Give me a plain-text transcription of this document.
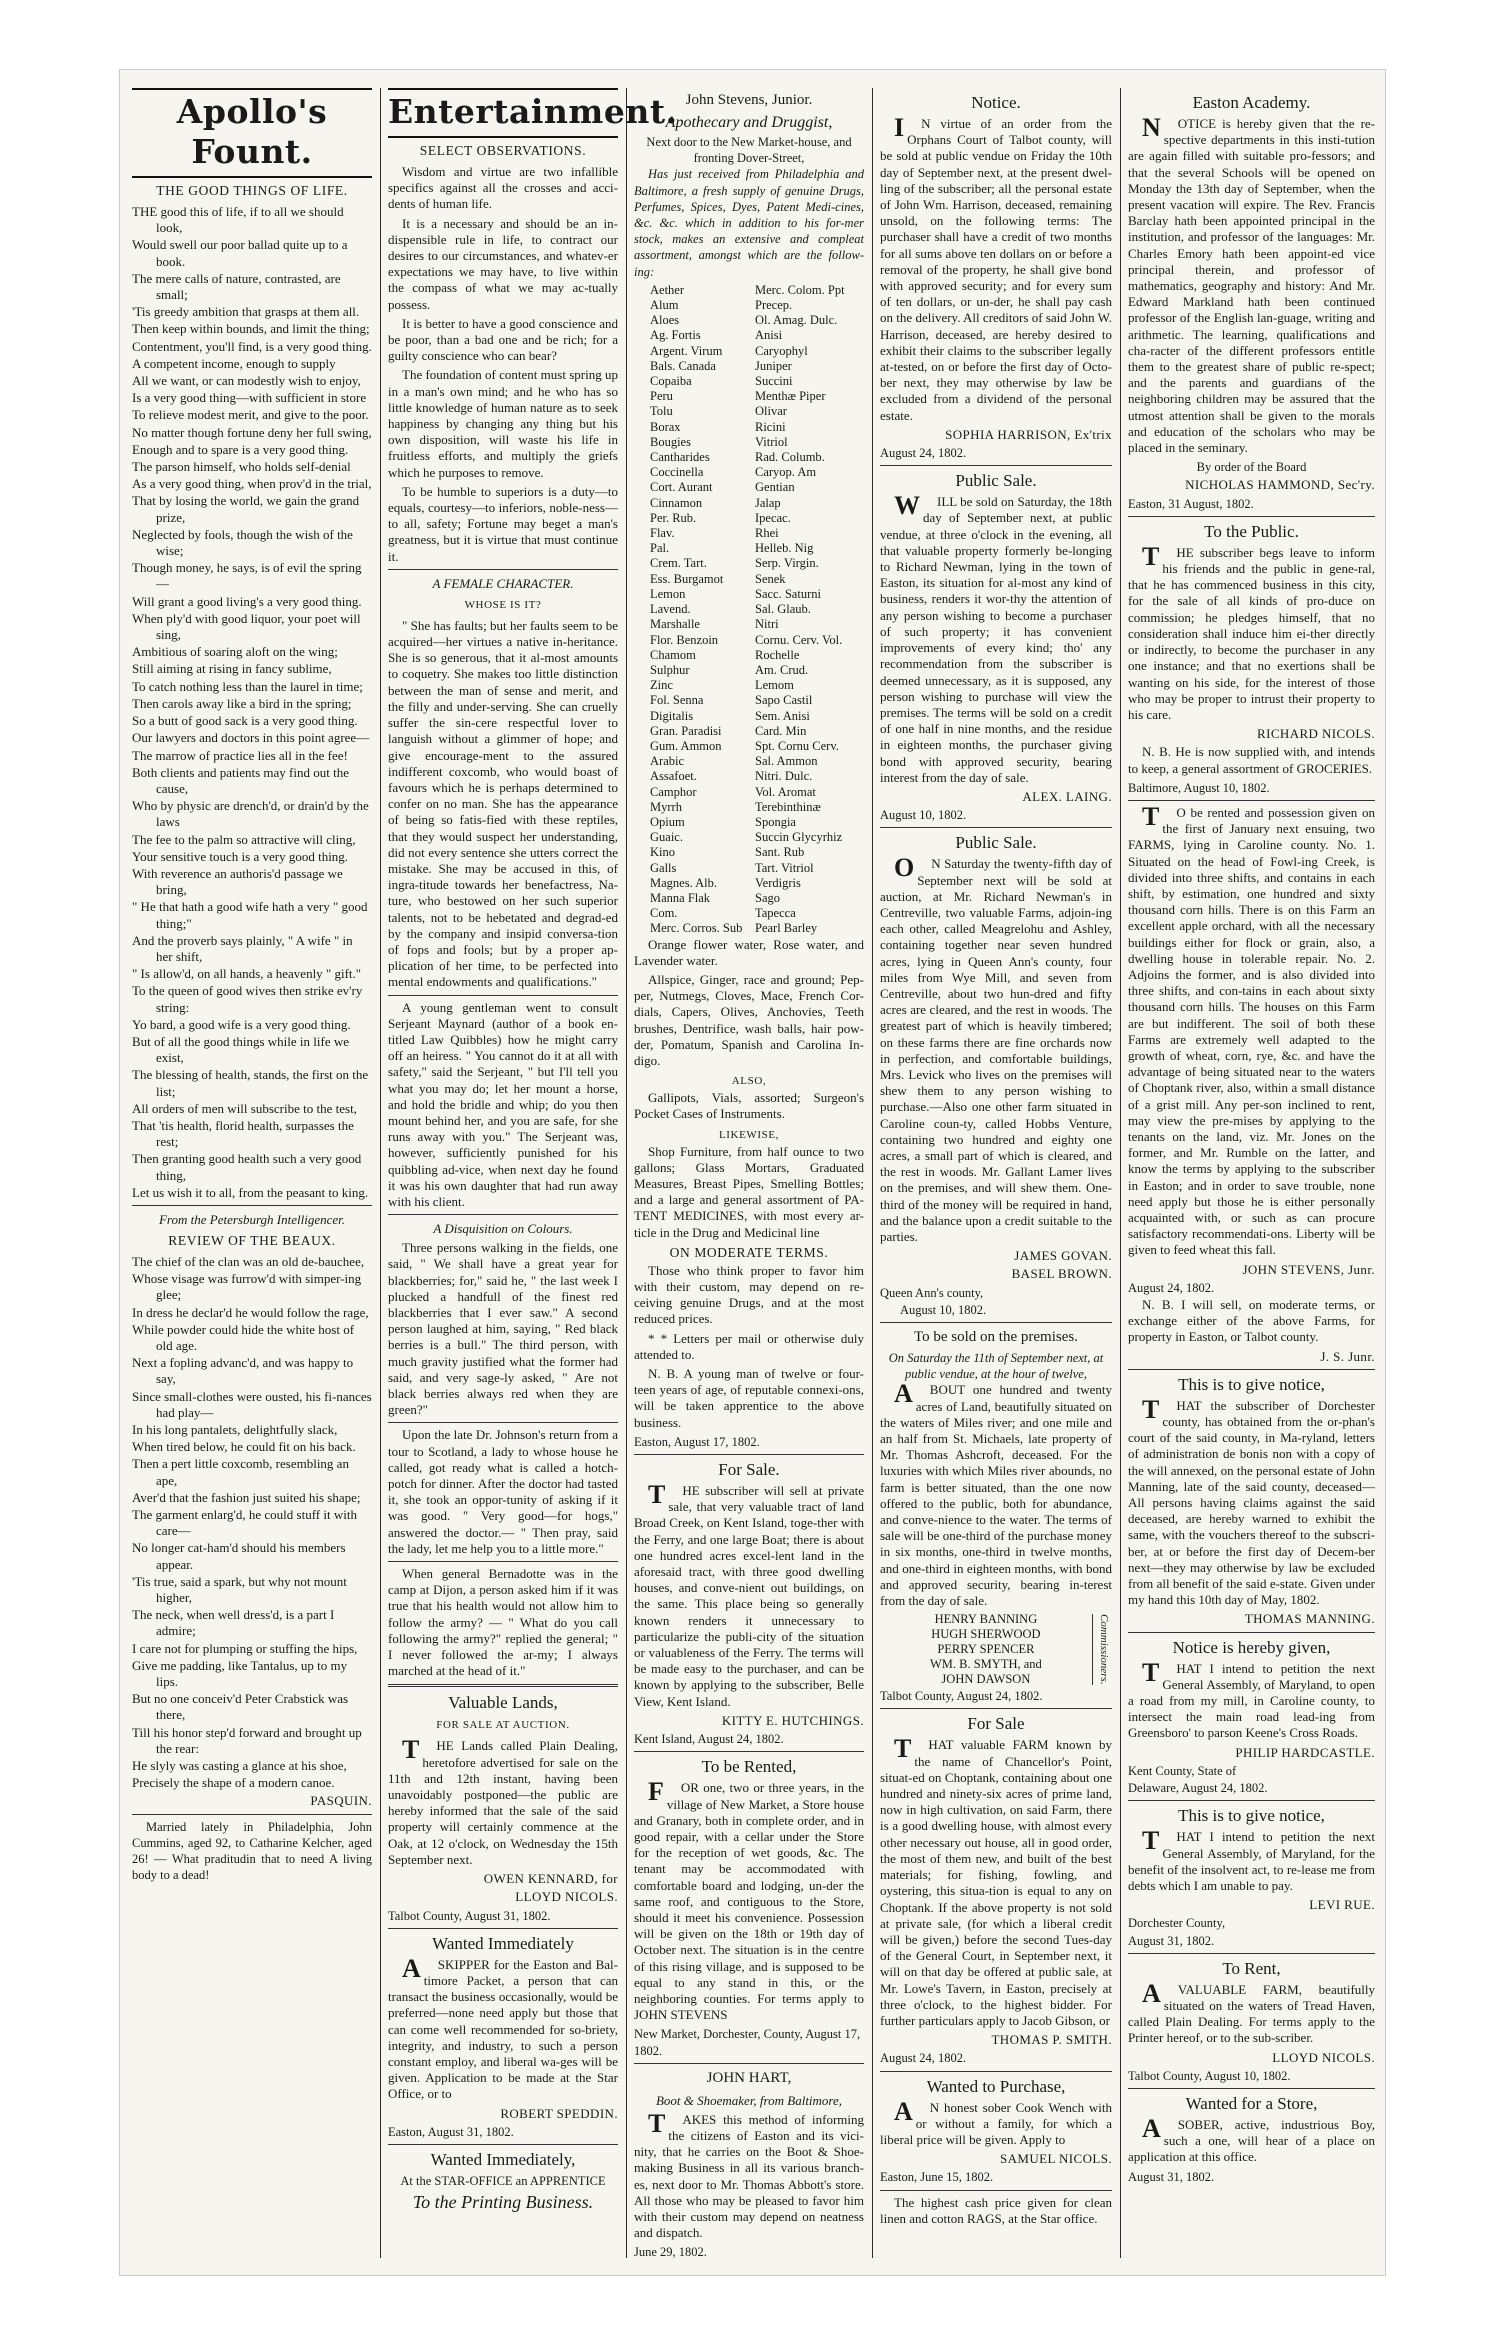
Apollo's Fount.
THE GOOD THINGS OF LIFE.

THE good this of life, if to all we should look,

Would swell our poor ballad quite up to a book.

The mere calls of nature, contrasted, are small;

'Tis greedy ambition that grasps at them all.

Then keep within bounds, and limit the thing;

Contentment, you'll find, is a very good thing.

A competent income, enough to supply

All we want, or can modestly wish to enjoy,

Is a very good thing—with sufficient in store

To relieve modest merit, and give to the poor.

No matter though fortune deny her full swing,

Enough and to spare is a very good thing.

The parson himself, who holds self-denial

As a very good thing, when prov'd in the trial,

That by losing the world, we gain the grand prize,

Neglected by fools, though the wish of the wise;

Though money, he says, is of evil the spring—

Will grant a good living's a very good thing.

When ply'd with good liquor, your poet will sing,

Ambitious of soaring aloft on the wing;

Still aiming at rising in fancy sublime,

To catch nothing less than the laurel in time;

Then carols away like a bird in the spring;

So a butt of good sack is a very good thing.

Our lawyers and doctors in this point agree—

The marrow of practice lies all in the fee!

Both clients and patients may find out the cause,

Who by physic are drench'd, or drain'd by the laws

The fee to the palm so attractive will cling,

Your sensitive touch is a very good thing.

With reverence an authoris'd passage we bring,

" He that hath a good wife hath a very " good thing;"

And the proverb says plainly, " A wife " in her shift,

" Is allow'd, on all hands, a heavenly " gift."

To the queen of good wives then strike ev'ry string:

Yo bard, a good wife is a very good thing.

But of all the good things while in life we exist,

The blessing of health, stands, the first on the list;

All orders of men will subscribe to the test,

That 'tis health, florid health, surpasses the rest;

Then granting good health such a very good thing,

Let us wish it to all, from the peasant to king.

From the Petersburgh Intelligencer.
REVIEW OF THE BEAUX.

The chief of the clan was an old de-bauchee,

Whose visage was furrow'd with simper-ing glee;

In dress he declar'd he would follow the rage,

While powder could hide the white host of old age.

Next a fopling advanc'd, and was happy to say,

Since small-clothes were ousted, his fi-nances had play—

In his long pantalets, delightfully slack,

When tired below, he could fit on his back.

Then a pert little coxcomb, resembling an ape,

Aver'd that the fashion just suited his shape;

The garment enlarg'd, he could stuff it with care—

No longer cat-ham'd should his members appear.

'Tis true, said a spark, but why not mount higher,

The neck, when well dress'd, is a part I admire;

I care not for plumping or stuffing the hips,

Give me padding, like Tantalus, up to my lips.

But no one conceiv'd Peter Crabstick was there,

Till his honor step'd forward and brought up the rear:

He slyly was casting a glance at his shoe,

Precisely the shape of a modern canoe.

PASQUIN.

Married lately in Philadelphia, John Cummins, aged 92, to Catharine Kelcher, aged 26! — What praditudin that to need A living body to a dead!

Entertainment.
SELECT OBSERVATIONS.

Wisdom and virtue are two infallible specifics against all the crosses and acci-dents of human life.

It is a necessary and should be an in-dispensible rule in life, to contract our desires to our circumstances, and whatev-er expectations we may have, to live within the compass of what we may ac-tually possess.

It is better to have a good conscience and be poor, than a bad one and be rich; for a guilty conscience who can bear?

The foundation of content must spring up in a man's own mind; and he who has so little knowledge of human nature as to seek happiness by changing any thing but his own disposition, will waste his life in fruitless efforts, and multiply the griefs which he purposes to remove.

To be humble to superiors is a duty—to equals, courtesy—to inferiors, noble-ness—to all, safety; Fortune may beget a man's greatness, but it is virtue that must continue it.

A FEMALE CHARACTER.
WHOSE IS IT?

" She has faults; but her faults seem to be acquired—her virtues a native in-heritance. She is so generous, that it al-most amounts to coquetry. She makes too little distinction between the man of sense and merit, and the filly and under-serving. She can cruelly suffer the sin-cere respectful lover to languish without a glimmer of hope; and give encourage-ment to the assured indifferent coxcomb, who would boast of favours which he is perhaps determined to confer on no man. She has the appearance of being so fatis-fied with these reptiles, that they would suspect her understanding, did not every sentence she utters correct the mistake. She may be accused in this, of ingra-titude towards her benefactress, Na-ture, who bestowed on her such superior talents, not to be hebetated and degrad-ed by the company and insipid conversa-tion of fops and fools; but by a proper ap-plication of her time, to be perfected into mental endowments and qualifications."

A young gentleman went to consult Serjeant Maynard (author of a book en-titled Law Quibbles) how he might carry off an heiress. " You cannot do it at all with safety," said the Serjeant, " but I'll tell you what you may do; let her mount a horse, and hold the bridle and whip; do you then mount behind her, and you are safe, for she runs away with you." The Serjeant was, however, sufficiently punished for his quibbling ad-vice, when next day he found it was his own daughter that had run away with his client.

A Disquisition on Colours.

Three persons walking in the fields, one said, " We shall have a great year for blackberries; for," said he, " the last week I plucked a handfull of the finest red blackberries that I ever saw." A second person laughed at him, saying, " Red black berries is a bull." The third person, with much gravity justified what the former had said, and very sage-ly asked, " Are not black berries always red when they are green?"

Upon the late Dr. Johnson's return from a tour to Scotland, a lady to whose house he called, got ready what is called a hotch-potch for dinner. After the doctor had tasted it, she took an oppor-tunity of asking if it was good. " Very good—for hogs," answered the doctor.— " Then pray, said the lady, let me help you to a little more."

When general Bernadotte was in the camp at Dijon, a person asked him if it was true that his health would not allow him to follow the army? — " What do you call following the army?" replied the general; " I never followed the ar-my; I always marched at the head of it."

Valuable Lands,
FOR SALE AT AUCTION.

THE Lands called Plain Dealing, heretofore advertised for sale on the 11th and 12th instant, having been unavoidably postponed—the public are hereby informed that the sale of the said property will certainly commence at the Oak, at 12 o'clock, on Wednesday the 15th September next.

OWEN KENNARD, for
LLOYD NICOLS.
Talbot County, August 31, 1802.
Wanted Immediately

ASKIPPER for the Easton and Bal-timore Packet, a person that can transact the business occasionally, would be preferred—none need apply but those that can come well recommended for so-briety, integrity, and industry, to such a person constant employ, and liberal wa-ges will be given. Application to be made at the Star Office, or to

ROBERT SPEDDIN.
Easton, August 31, 1802.
Wanted Immediately,
At the STAR-OFFICE an APPRENTICE
To the Printing Business.
John Stevens, Junior.
Apothecary and Druggist,
Next door to the New Market-house, and
fronting Dover-Street,

Has just received from Philadelphia and Baltimore, a fresh supply of genuine Drugs, Perfumes, Spices, Dyes, Patent Medi-cines, &c. &c. which in addition to his for-mer stock, makes an extensive and compleat assortment, amongst which are the follow-ing:

Aether
Alum
Aloes
Ag. Fortis
Argent. Virum
Bals. Canada
Copaiba
Peru
Tolu
Borax
Bougies
Cantharides
Coccinella
Cort. Aurant
Cinnamon
Per. Rub.
Flav.
Pal.
Crem. Tart.
Ess. Burgamot
Lemon
Lavend.
Marshalle
Flor. Benzoin
Chamom
Sulphur
Zinc
Fol. Senna
Digitalis
Gran. Paradisi
Gum. Ammon
Arabic
Assafoet.
Camphor
Myrrh
Opium
Guaic.
Kino
Galls
Magnes. Alb.
Manna Flak
Com.
Merc. Corros. Sub
Merc. Colom. Ppt
Precep.
Ol. Amag. Dulc.
Anisi
Caryophyl
Juniper
Succini
Menthæ Piper
Olivar
Ricini
Vitriol
Rad. Columb.
Caryop. Am
Gentian
Jalap
Ipecac.
Rhei
Helleb. Nig
Serp. Virgin.
Senek
Sacc. Saturni
Sal. Glaub.
Nitri
Cornu. Cerv. Vol.
Rochelle
Am. Crud.
Lemom
Sapo Castil
Sem. Anisi
Card. Min
Spt. Cornu Cerv.
Sal. Ammon
Nitri. Dulc.
Vol. Aromat
Terebinthinæ
Spongia
Succin Glycyrhiz
Sant. Rub
Tart. Vitriol
Verdigris
Sago
Tapecca
Pearl Barley

Orange flower water, Rose water, and Lavender water.

Allspice, Ginger, race and ground; Pep-per, Nutmegs, Cloves, Mace, French Cor-dials, Capers, Olives, Anchovies, Teeth brushes, Dentrifice, wash balls, hair pow-der, Pomatum, Spanish and Carolina In-digo.

ALSO,

Gallipots, Vials, assorted; Surgeon's Pocket Cases of Instruments.

LIKEWISE,

Shop Furniture, from half ounce to two gallons; Glass Mortars, Graduated Measures, Breast Pipes, Smelling Bottles; and a large and general assortment of PA-TENT MEDICINES, with most every ar-ticle in the Drug and Medicinal line

ON MODERATE TERMS.

Those who think proper to favor him with their custom, may depend on re-ceiving genuine Drugs, and at the most reduced prices.

* * Letters per mail or otherwise duly attended to.

N. B. A young man of twelve or four-teen years of age, of reputable connexi-ons, will be taken apprentice to the above business.

Easton, August 17, 1802.
For Sale.

THE subscriber will sell at private sale, that very valuable tract of land Broad Creek, on Kent Island, toge-ther with the Ferry, and one large Boat; there is about one hundred acres excel-lent land in the aforesaid tract, with three good dwelling houses, and conve-nient out buildings, on the same. This place being so generally known renders it unnecessary to particularize the publi-city of the situation or valuableness of the Ferry. The terms will be made easy to the purchaser, and can be known by applying to the subscriber, Belle View, Kent Island.

KITTY E. HUTCHINGS.
Kent Island, August 24, 1802.
To be Rented,

FOR one, two or three years, in the village of New Market, a Store house and Granary, both in complete order, and in good repair, with a cellar under the Store for the reception of wet goods, &c. The tenant may be accommodated with comfortable board and lodging, un-der the same roof, and contiguous to the Store, should it meet his convenience. Possession will be given on the 18th or 19th day of October next. The situation is in the centre of this rising village, and is supposed to be equal to any stand in this, or the neighboring counties. For terms apply to JOHN STEVENS

New Market, Dorchester, County, August 17, 1802.
JOHN HART,
Boot & Shoemaker, from Baltimore,

TAKES this method of informing the citizens of Easton and its vici-nity, that he carries on the Boot & Shoe-making Business in all its various branch-es, next door to Mr. Thomas Abbott's store. All those who may be pleased to favor him with their custom may depend on neatness and dispatch.

June 29, 1802.
Notice.

IN virtue of an order from the Orphans Court of Talbot county, will be sold at public vendue on Friday the 10th day of September next, at the present dwel-ling of the subscriber; all the personal estate of John Wm. Harrison, deceased, remaining unsold, on the following terms: The purchaser shall have a credit of two months for all sums above ten dollars on or before a removal of the property, he shall give bond with approved security; and for every sum of ten dollars, or un-der, he shall pay cash on the delivery. All creditors of said John W. Harrison, deceased, are hereby desired to exhibit their claims to the subscriber legally at-tested, on or before the first day of Octo-ber next, they may otherwise by law be excluded from a dividend of the personal estate.

SOPHIA HARRISON, Ex'trix
August 24, 1802.
Public Sale.

WILL be sold on Saturday, the 18th day of September next, at public vendue, at three o'clock in the evening, all that valuable property formerly be-longing to Richard Newman, lying in the town of Easton, its situation for al-most any kind of business, renders it wor-thy the attention of any person wishing to become a purchaser of such property; it has convenient improvements of every kind; tho' any recommendation from the subscriber is deemed unnecessary, as it is supposed, any person wishing to purchase will view the premises. The terms will be sold on a credit of one half in nine months, and the residue in eighteen months, the purchaser giving bond with approved security, bearing interest from the day of sale.

ALEX. LAING.
August 10, 1802.
Public Sale.

ON Saturday the twenty-fifth day of September next will be sold at auction, at Mr. Richard Newman's in Centreville, two valuable Farms, adjoin-ing each other, called Meagrelohu and Ashley, containing together near seven hundred acres, lying in Queen Ann's county, four miles from Wye Mill, and seven from Centreville, about two hun-dred and fifty acres are cleared, and the rest in woods. The greatest part of which is heavily timbered; on these farms there are fine orchards now in perfection, and comfortable buildings, Mrs. Levick who lives on the premises will shew them to any person wishing to purchase.—Also one other farm situated in Caroline coun-ty, called Hobbs Venture, containing two hundred and eighty one acres, a small part of which is cleared, and the rest in woods. Mr. Gallant Lamer lives on the premises, and will shew them. One-third of the money will be required in hand, and the balance upon a credit suitable to the parties.

JAMES GOVAN.
BASEL BROWN.
Queen Ann's county,
August 10, 1802.
To be sold on the premises.
On Saturday the 11th of September next, at public vendue, at the hour of twelve,

ABOUT one hundred and twenty acres of Land, beautifully situated on the waters of Miles river; and one mile and an half from St. Michaels, late property of Mr. Thomas Ashcroft, deceased. For the luxuries with which Miles river abounds, no farm is better situated, than the one now offered to the public, both for abundance, and conve-nience to the water. The terms of sale will be one-third of the purchase money in six months, one-third in twelve months, and one-third in eighteen months, with bond and approved security, bearing in-terest from the day of sale.

HENRY BANNING
HUGH SHERWOOD
PERRY SPENCER
WM. B. SMYTH, and
JOHN DAWSON	Commissioners.
Talbot County, August 24, 1802.
For Sale

THAT valuable FARM known by the name of Chancellor's Point, situat-ed on Choptank, containing about one hundred and ninety-six acres of prime land, now in high cultivation, on said Farm, there is a good dwelling house, with almost every other necessary out house, all in good order, the most of them new, and built of the best materials; for fishing, fowling, and oystering, this situa-tion is equal to any on Choptank. If the above property is not sold at private sale, (for which a liberal credit will be given,) before the second Tues-day of the General Court, in September next, it will on that day be offered at public sale, at Mr. Lowe's Tavern, in Easton, precisely at three o'clock, to the highest bidder. For further particulars apply to Jacob Gibson, or

THOMAS P. SMITH.
August 24, 1802.
Wanted to Purchase,

AN honest sober Cook Wench with or without a family, for which a liberal price will be given. Apply to

SAMUEL NICOLS.
Easton, June 15, 1802.

The highest cash price given for clean linen and cotton RAGS, at the Star office.

Easton Academy.

NOTICE is hereby given that the re-spective departments in this insti-tution are again filled with suitable pro-fessors; and that the several Schools will be opened on Monday the 13th day of September, when the present vacation will expire. The Rev. Francis Barclay hath been appointed principal in the institution, and professor of the languages: Mr. Charles Emory hath been appoint-ed vice principal therein, and professor of mathematics, geography and history: And Mr. Edward Markland hath been continued professor of the English lan-guage, writing and arithmetic. The learning, qualifications and cha-racter of the different professors entitle them to the greatest share of public re-spect; and the parents and guardians of the neighboring children may be assured that the utmost attention shall be given to the morals and education of the scholars who may be placed in the seminary.

By order of the Board
NICHOLAS HAMMOND, Sec'ry.
Easton, 31 August, 1802.
To the Public.

THE subscriber begs leave to inform his friends and the public in gene-ral, that he has commenced business in this city, for the sale of all kinds of pro-duce on commission; he pledges himself, that no consideration shall induce him ei-ther directly or indirectly, to become the purchaser in any one instance; and that no exertions shall be wanting on his side, for the interest of those who may be proper to intrust their property to his care.

RICHARD NICOLS.

N. B. He is now supplied with, and intends to keep, a general assortment of GROCERIES.

Baltimore, August 10, 1802.

TO be rented and possession given on the first of January next ensuing, two FARMS, lying in Caroline county. No. 1. Situated on the head of Fowl-ing Creek, is divided into three shifts, and contains in each shift, by estimation, one hundred and sixty thousand corn hills. There is on this Farm an excellent apple orchard, with all the necessary buildings either for flock or grain, also, a dwelling house in tolerable repair. No. 2. Adjoins the former, and is also divided into three shifts, and con-tains in each about sixty thousand corn hills. The houses on this Farm are but indifferent. The soil of both these Farms are extremely well adapted to the growth of wheat, corn, rye, &c. and have the advantage of being situated near to the waters of Choptank river, also, within a small distance of a grist mill. Any per-son inclined to rent, may view the pre-mises by applying to the tenants on the land, viz. Mr. Jones on the former, and Mr. Rumble on the latter, and know the terms by applying to the subscriber in Easton; and in order to save trouble, none need apply but those he is either personally acquainted with, or such as can procure satisfactory recommendati-ons. Liberty will be given to feed wheat this fall.

JOHN STEVENS, Junr.
August 24, 1802.

N. B. I will sell, on moderate terms, or exchange either of the above Farms, for property in Easton, or Talbot county.

J. S. Junr.
This is to give notice,

THAT the subscriber of Dorchester county, has obtained from the or-phan's court of the said county, in Ma-ryland, letters of administration de bonis non with a copy of the will annexed, on the personal estate of John Manning, late of the said county, deceased—All persons having claims against the said deceased, are hereby warned to exhibit the same, with the vouchers thereof to the subscri-ber, at or before the first day of Decem-ber next—they may otherwise by law be excluded from all benefit of the said e-state. Given under my hand this 10th day of May, 1802.

THOMAS MANNING.
Notice is hereby given,

THAT I intend to petition the next General Assembly, of Maryland, to open a road from my mill, in Caroline county, to intersect the main road lead-ing from Greensboro' to parson Keene's Cross Roads.

PHILIP HARDCASTLE.
Kent County, State of
Delaware, August 24, 1802.
This is to give notice,

THAT I intend to petition the next General Assembly, of Maryland, for the benefit of the insolvent act, to re-lease me from debts which I am unable to pay.

LEVI RUE.
Dorchester County,
August 31, 1802.
To Rent,

AVALUABLE FARM, beautifully situated on the waters of Tread Haven, called Plain Dealing. For terms apply to the Printer hereof, or to the sub-scriber.

LLOYD NICOLS.
Talbot County, August 10, 1802.
Wanted for a Store,

ASOBER, active, industrious Boy, such a one, will hear of a place on application at this office.

August 31, 1802.
